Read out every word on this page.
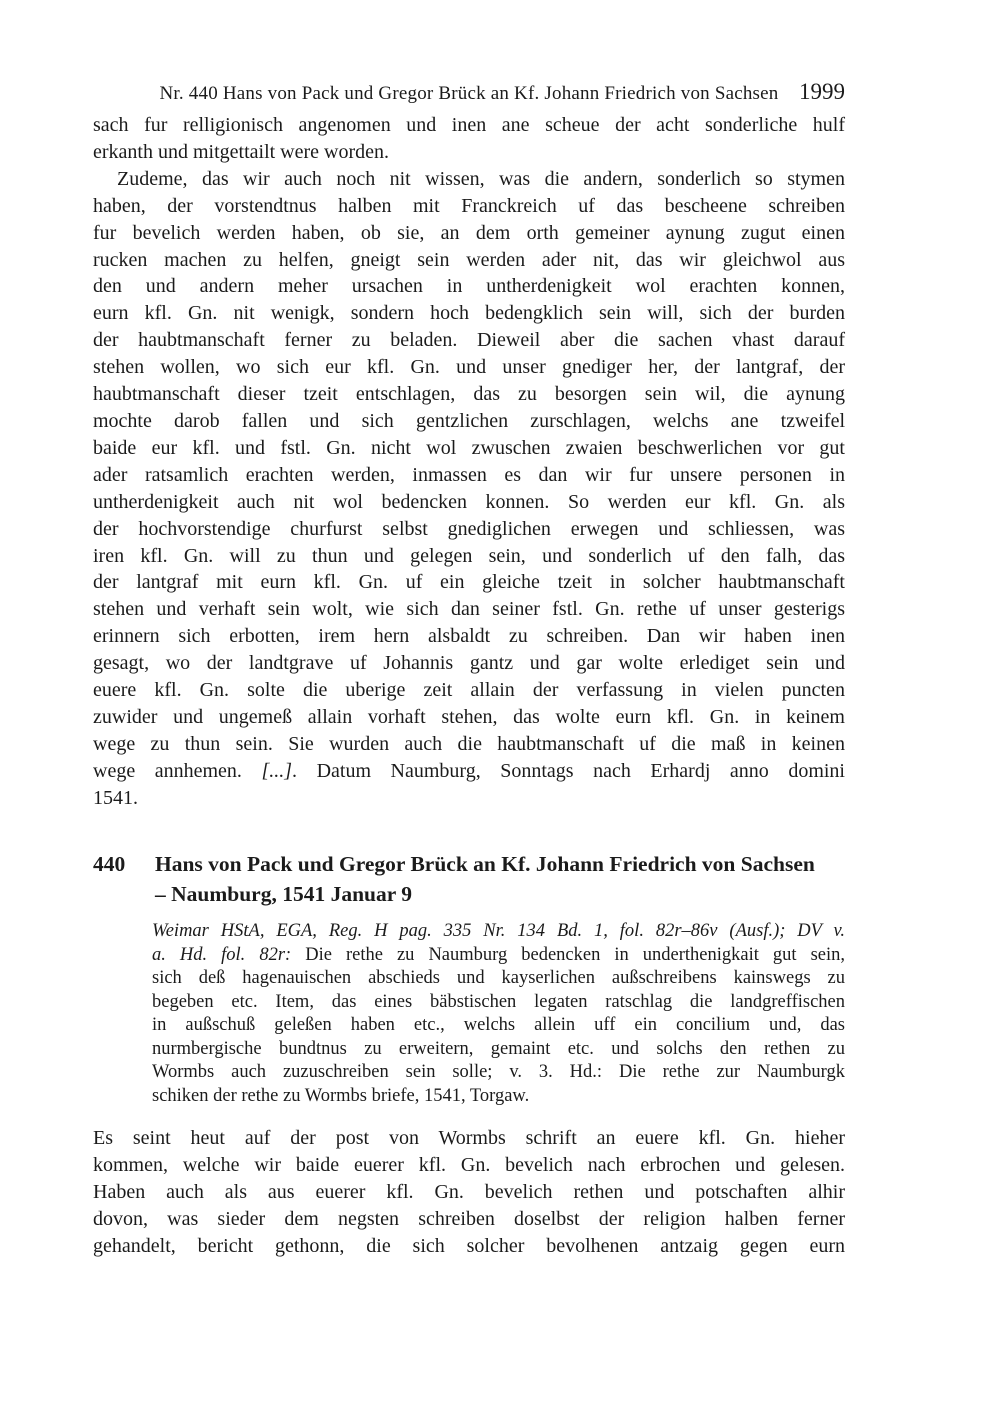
Nr. 440 Hans von Pack und Gregor Brück an Kf. Johann Friedrich von Sachsen 1999
sach fur relligionisch angenomen und inen ane scheue der acht sonderliche hulf
erkanth und mitgettailt were worden.
Zudeme, das wir auch noch nit wissen, was die andern, sonderlich so stymen
haben, der vorstendtnus halben mit Franckreich uf das bescheene schreiben
fur bevelich werden haben, ob sie, an dem orth gemeiner aynung zugut einen
rucken machen zu helfen, gneigt sein werden ader nit, das wir gleichwol aus
den und andern meher ursachen in untherdenigkeit wol erachten konnen,
eurn kfl. Gn. nit wenigk, sondern hoch bedengklich sein will, sich der burden
der haubtmanschaft ferner zu beladen. Dieweil aber die sachen vhast darauf
stehen wollen, wo sich eur kfl. Gn. und unser gnediger her, der lantgraf, der
haubtmanschaft dieser tzeit entschlagen, das zu besorgen sein wil, die aynung
mochte darob fallen und sich gentzlichen zurschlagen, welchs ane tzweifel
baide eur kfl. und fstl. Gn. nicht wol zwuschen zwaien beschwerlichen vor gut
ader ratsamlich erachten werden, inmassen es dan wir fur unsere personen in
untherdenigkeit auch nit wol bedencken konnen. So werden eur kfl. Gn. als
der hochvorstendige churfurst selbst gnediglichen erwegen und schliessen, was
iren kfl. Gn. will zu thun und gelegen sein, und sonderlich uf den falh, das
der lantgraf mit eurn kfl. Gn. uf ein gleiche tzeit in solcher haubtmanschaft
stehen und verhaft sein wolt, wie sich dan seiner fstl. Gn. rethe uf unser gesterigs
erinnern sich erbotten, irem hern alsbaldt zu schreiben. Dan wir haben inen
gesagt, wo der landtgrave uf Johannis gantz und gar wolte erlediget sein und
euere kfl. Gn. solte die uberige zeit allain der verfassung in vielen puncten
zuwider und ungemeß allain vorhaft stehen, das wolte eurn kfl. Gn. in keinem
wege zu thun sein. Sie wurden auch die haubtmanschaft uf die maß in keinen
wege annhemen. [...]. Datum Naumburg, Sonntags nach Erhardj anno domini
1541.
440	Hans von Pack und Gregor Brück an Kf. Johann Friedrich von Sachsen
– Naumburg, 1541 Januar 9
Weimar HStA, EGA, Reg. H pag. 335 Nr. 134 Bd. 1, fol. 82r–86v (Ausf.); DV v.
a. Hd. fol. 82r: Die rethe zu Naumburg bedencken in underthenigkait gut sein,
sich deß hagenauischen abschieds und kayserlichen außschreibens kainswegs zu
begeben etc. Item, das eines bäbstischen legaten ratschlag die landgreffischen
in außschuß geleßen haben etc., welchs allein uff ein concilium und, das
nurmbergische bundtnus zu erweitern, gemaint etc. und solchs den rethen zu
Wormbs auch zuzuschreiben sein solle; v. 3. Hd.: Die rethe zur Naumburgk
schiken der rethe zu Wormbs briefe, 1541, Torgaw.
Es seint heut auf der post von Wormbs schrift an euere kfl. Gn. hieher
kommen, welche wir baide euerer kfl. Gn. bevelich nach erbrochen und gelesen.
Haben auch als aus euerer kfl. Gn. bevelich rethen und potschaften alhir
dovon, was sieder dem negsten schreiben doselbst der religion halben ferner
gehandelt, bericht gethonn, die sich solcher bevolhenen antzaig gegen eurn
